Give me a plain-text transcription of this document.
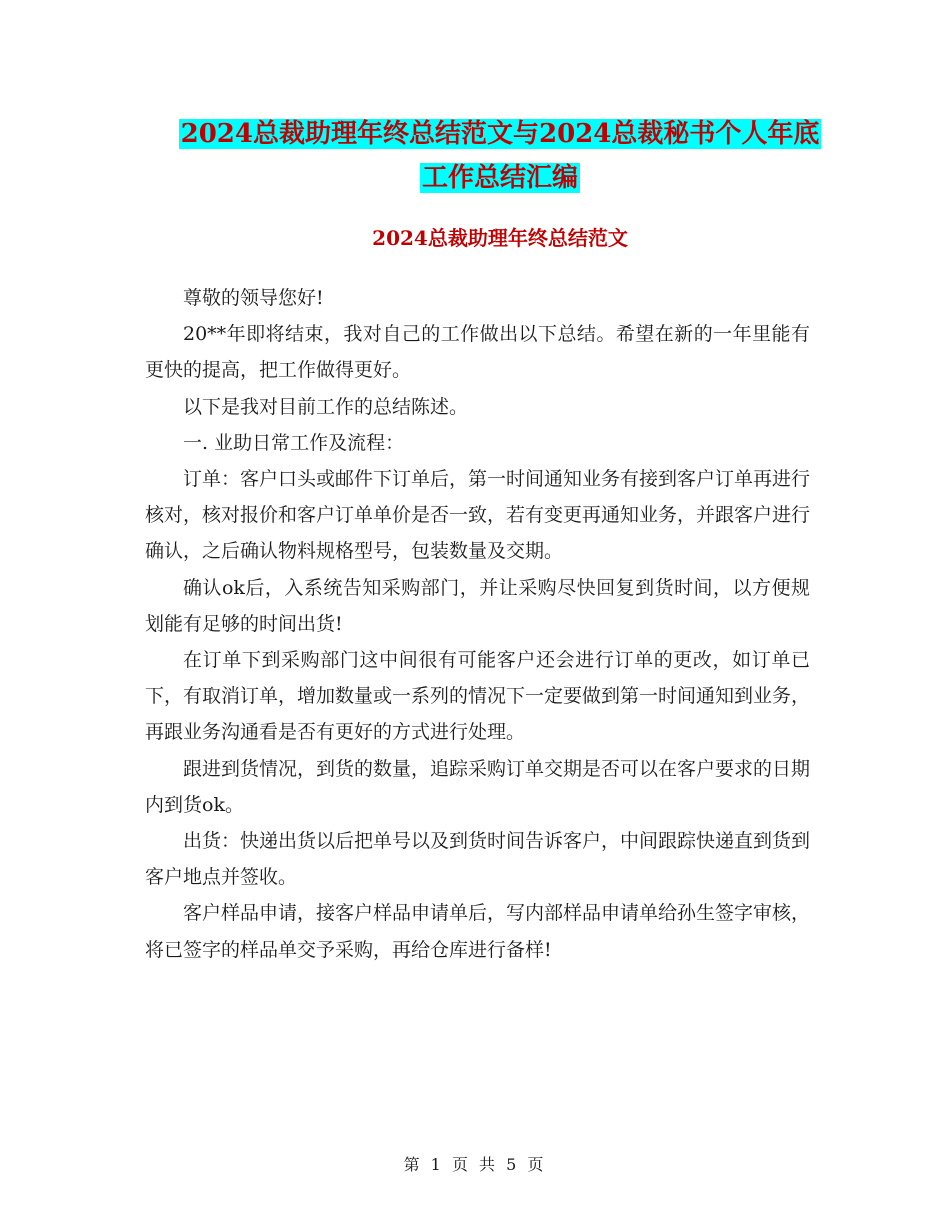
2024总裁助理年终总结范文与2024总裁秘书个人年底
工作总结汇编
2024总裁助理年终总结范文

尊敬的领导您好!

20**年即将结束，我对自己的工作做出以下总结。希望在新的一年里能有更快的提高，把工作做得更好。

以下是我对目前工作的总结陈述。

一. 业助日常工作及流程：

订单：客户口头或邮件下订单后，第一时间通知业务有接到客户订单再进行核对，核对报价和客户订单单价是否一致，若有变更再通知业务，并跟客户进行确认，之后确认物料规格型号，包装数量及交期。

确认ok后，入系统告知采购部门，并让采购尽快回复到货时间，以方便规划能有足够的时间出货!

在订单下到采购部门这中间很有可能客户还会进行订单的更改，如订单已下，有取消订单，增加数量或一系列的情况下一定要做到第一时间通知到业务，再跟业务沟通看是否有更好的方式进行处理。

跟进到货情况，到货的数量，追踪采购订单交期是否可以在客户要求的日期内到货ok。

出货：快递出货以后把单号以及到货时间告诉客户，中间跟踪快递直到货到客户地点并签收。

客户样品申请，接客户样品申请单后，写内部样品申请单给孙生签字审核，将已签字的样品单交予采购，再给仓库进行备样!

第 1 页 共 5 页
